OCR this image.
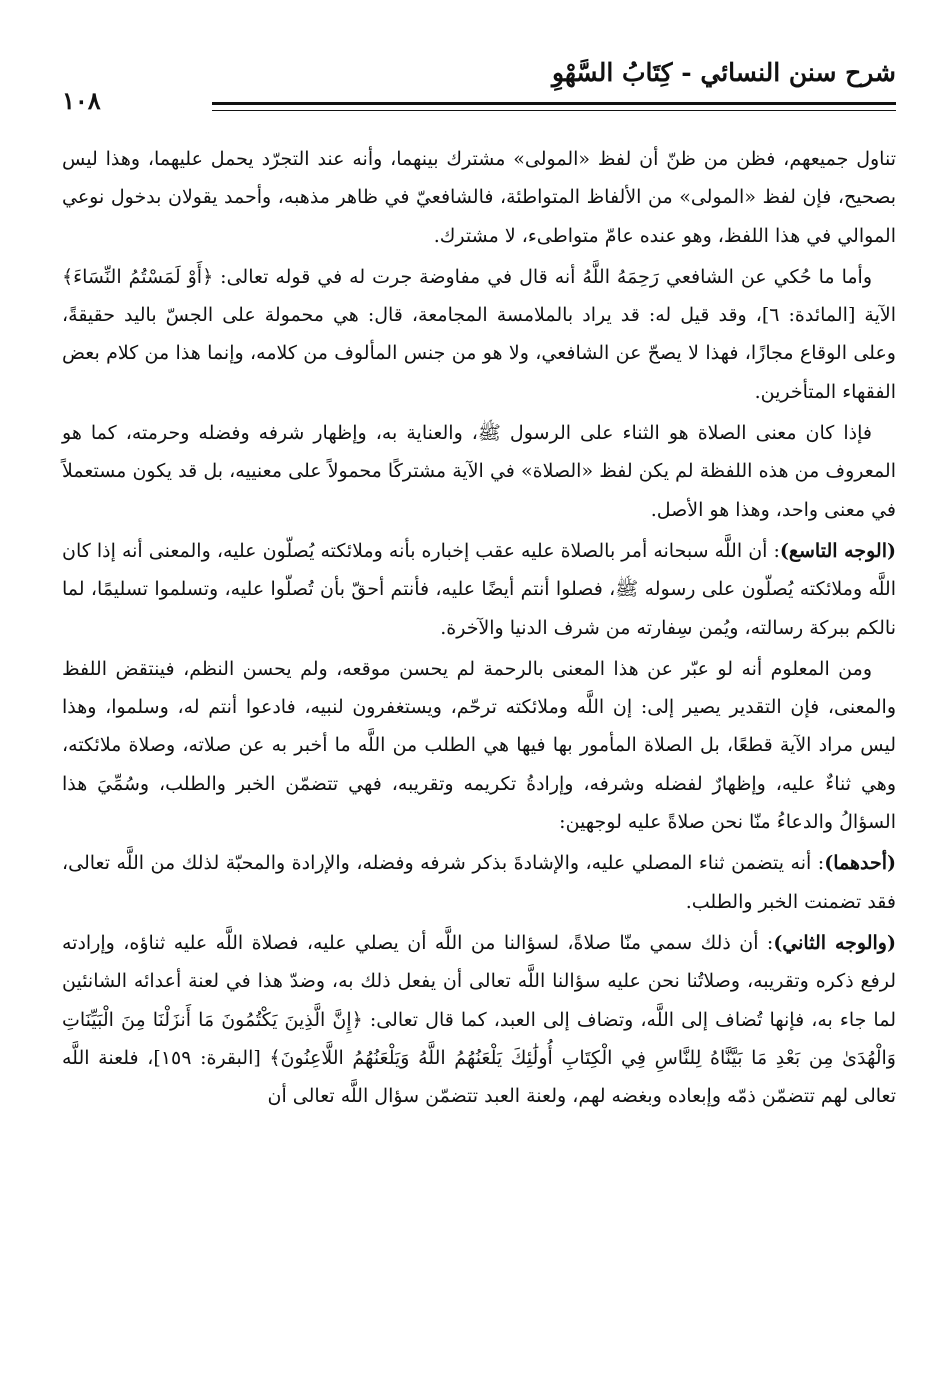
شرح سنن النسائي - كِتَابُ السَّهْوِ
١٠٨

تناول جميعهم، فظن من ظنّ أن لفظ «المولى» مشترك بينهما، وأنه عند التجرّد يحمل عليهما، وهذا ليس بصحيح، فإن لفظ «المولى» من الألفاظ المتواطئة، فالشافعيّ في ظاهر مذهبه، وأحمد يقولان بدخول نوعي الموالي في هذا اللفظ، وهو عنده عامّ متواطىء، لا مشترك.

وأما ما حُكي عن الشافعي رَحِمَهُ اللَّهُ أنه قال في مفاوضة جرت له في قوله تعالى: ﴿أَوْ لَمَسْتُمُ النِّسَاءَ﴾ الآية [المائدة: ٦]، وقد قيل له: قد يراد بالملامسة المجامعة، قال: هي محمولة على الجسّ باليد حقيقةً، وعلى الوقاع مجازًا، فهذا لا يصحّ عن الشافعي، ولا هو من جنس المألوف من كلامه، وإنما هذا من كلام بعض الفقهاء المتأخرين.

فإذا كان معنى الصلاة هو الثناء على الرسول ﷺ، والعناية به، وإظهار شرفه وفضله وحرمته، كما هو المعروف من هذه اللفظة لم يكن لفظ «الصلاة» في الآية مشتركًا محمولاً على معنييه، بل قد يكون مستعملاً في معنى واحد، وهذا هو الأصل.

(الوجه التاسع): أن اللَّه سبحانه أمر بالصلاة عليه عقب إخباره بأنه وملائكته يُصلّون عليه، والمعنى أنه إذا كان اللَّه وملائكته يُصلّون على رسوله ﷺ، فصلوا أنتم أيضًا عليه، فأنتم أحقّ بأن تُصلّوا عليه، وتسلموا تسليمًا، لما نالكم ببركة رسالته، ويُمن سِفارته من شرف الدنيا والآخرة.

ومن المعلوم أنه لو عبّر عن هذا المعنى بالرحمة لم يحسن موقعه، ولم يحسن النظم، فينتقض اللفظ والمعنى، فإن التقدير يصير إلى: إن اللَّه وملائكته ترحّم، ويستغفرون لنبيه، فادعوا أنتم له، وسلموا، وهذا ليس مراد الآية قطعًا، بل الصلاة المأمور بها فيها هي الطلب من اللَّه ما أخبر به عن صلاته، وصلاة ملائكته، وهي ثناءٌ عليه، وإظهارٌ لفضله وشرفه، وإرادةُ تكريمه وتقريبه، فهي تتضمّن الخبر والطلب، وسُمِّيَ هذا السؤالُ والدعاءُ منّا نحن صلاةً عليه لوجهين:

(أحدهما): أنه يتضمن ثناء المصلي عليه، والإشادةَ بذكر شرفه وفضله، والإرادة والمحبّة لذلك من اللَّه تعالى، فقد تضمنت الخبر والطلب.

(والوجه الثاني): أن ذلك سمي منّا صلاةً، لسؤالنا من اللَّه أن يصلي عليه، فصلاة اللَّه عليه ثناؤه، وإرادته لرفع ذكره وتقريبه، وصلاتُنا نحن عليه سؤالنا اللَّه تعالى أن يفعل ذلك به، وضدّ هذا في لعنة أعدائه الشانئين لما جاء به، فإنها تُضاف إلى اللَّه، وتضاف إلى العبد، كما قال تعالى: ﴿إِنَّ الَّذِينَ يَكْتُمُونَ مَا أَنزَلْنَا مِنَ الْبَيِّنَاتِ وَالْهُدَىٰ مِن بَعْدِ مَا بَيَّنَّاهُ لِلنَّاسِ فِي الْكِتَابِ أُولَٰئِكَ يَلْعَنُهُمُ اللَّهُ وَيَلْعَنُهُمُ اللَّاعِنُونَ﴾ [البقرة: ١٥٩]، فلعنة اللَّه تعالى لهم تتضمّن ذمّه وإبعاده وبغضه لهم، ولعنة العبد تتضمّن سؤال اللَّه تعالى أن
